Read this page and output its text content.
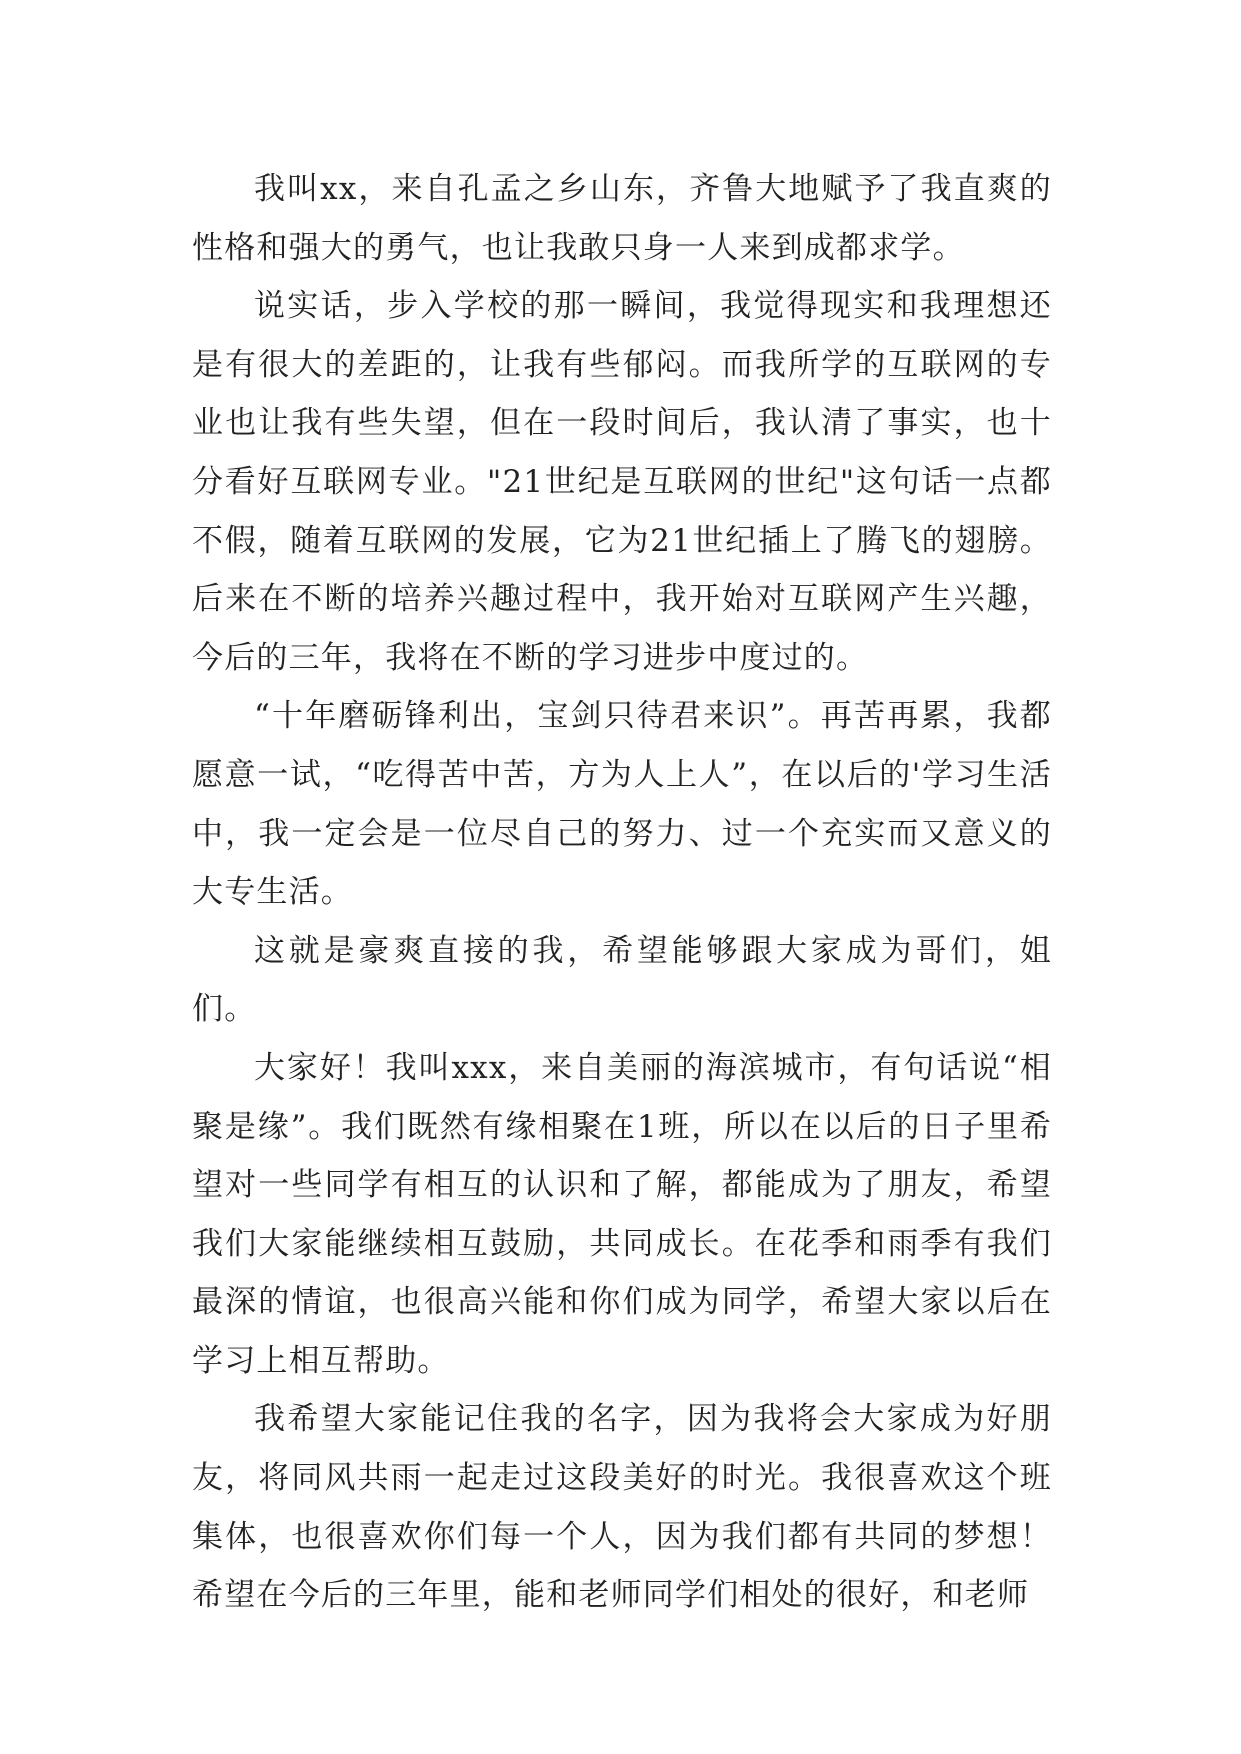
我叫xx，来自孔孟之乡山东，齐鲁大地赋予了我直爽的性格和强大的勇气，也让我敢只身一人来到成都求学。

说实话，步入学校的那一瞬间，我觉得现实和我理想还是有很大的差距的，让我有些郁闷。而我所学的互联网的专业也让我有些失望，但在一段时间后，我认清了事实，也十分看好互联网专业。"21世纪是互联网的世纪"这句话一点都不假，随着互联网的发展，它为21世纪插上了腾飞的翅膀。后来在不断的培养兴趣过程中，我开始对互联网产生兴趣，今后的三年，我将在不断的学习进步中度过的。

“十年磨砺锋利出，宝剑只待君来识”。再苦再累，我都愿意一试，“吃得苦中苦，方为人上人”，在以后的'学习生活中，我一定会是一位尽自己的努力、过一个充实而又意义的大专生活。

这就是豪爽直接的我，希望能够跟大家成为哥们，姐们。

大家好！我叫xxx，来自美丽的海滨城市，有句话说“相聚是缘”。我们既然有缘相聚在1班，所以在以后的日子里希望对一些同学有相互的认识和了解，都能成为了朋友，希望我们大家能继续相互鼓励，共同成长。在花季和雨季有我们最深的情谊，也很高兴能和你们成为同学，希望大家以后在学习上相互帮助。

我希望大家能记住我的名字，因为我将会大家成为好朋友，将同风共雨一起走过这段美好的时光。我很喜欢这个班集体，也很喜欢你们每一个人，因为我们都有共同的梦想！希望在今后的三年里，能和老师同学们相处的很好，和老师
